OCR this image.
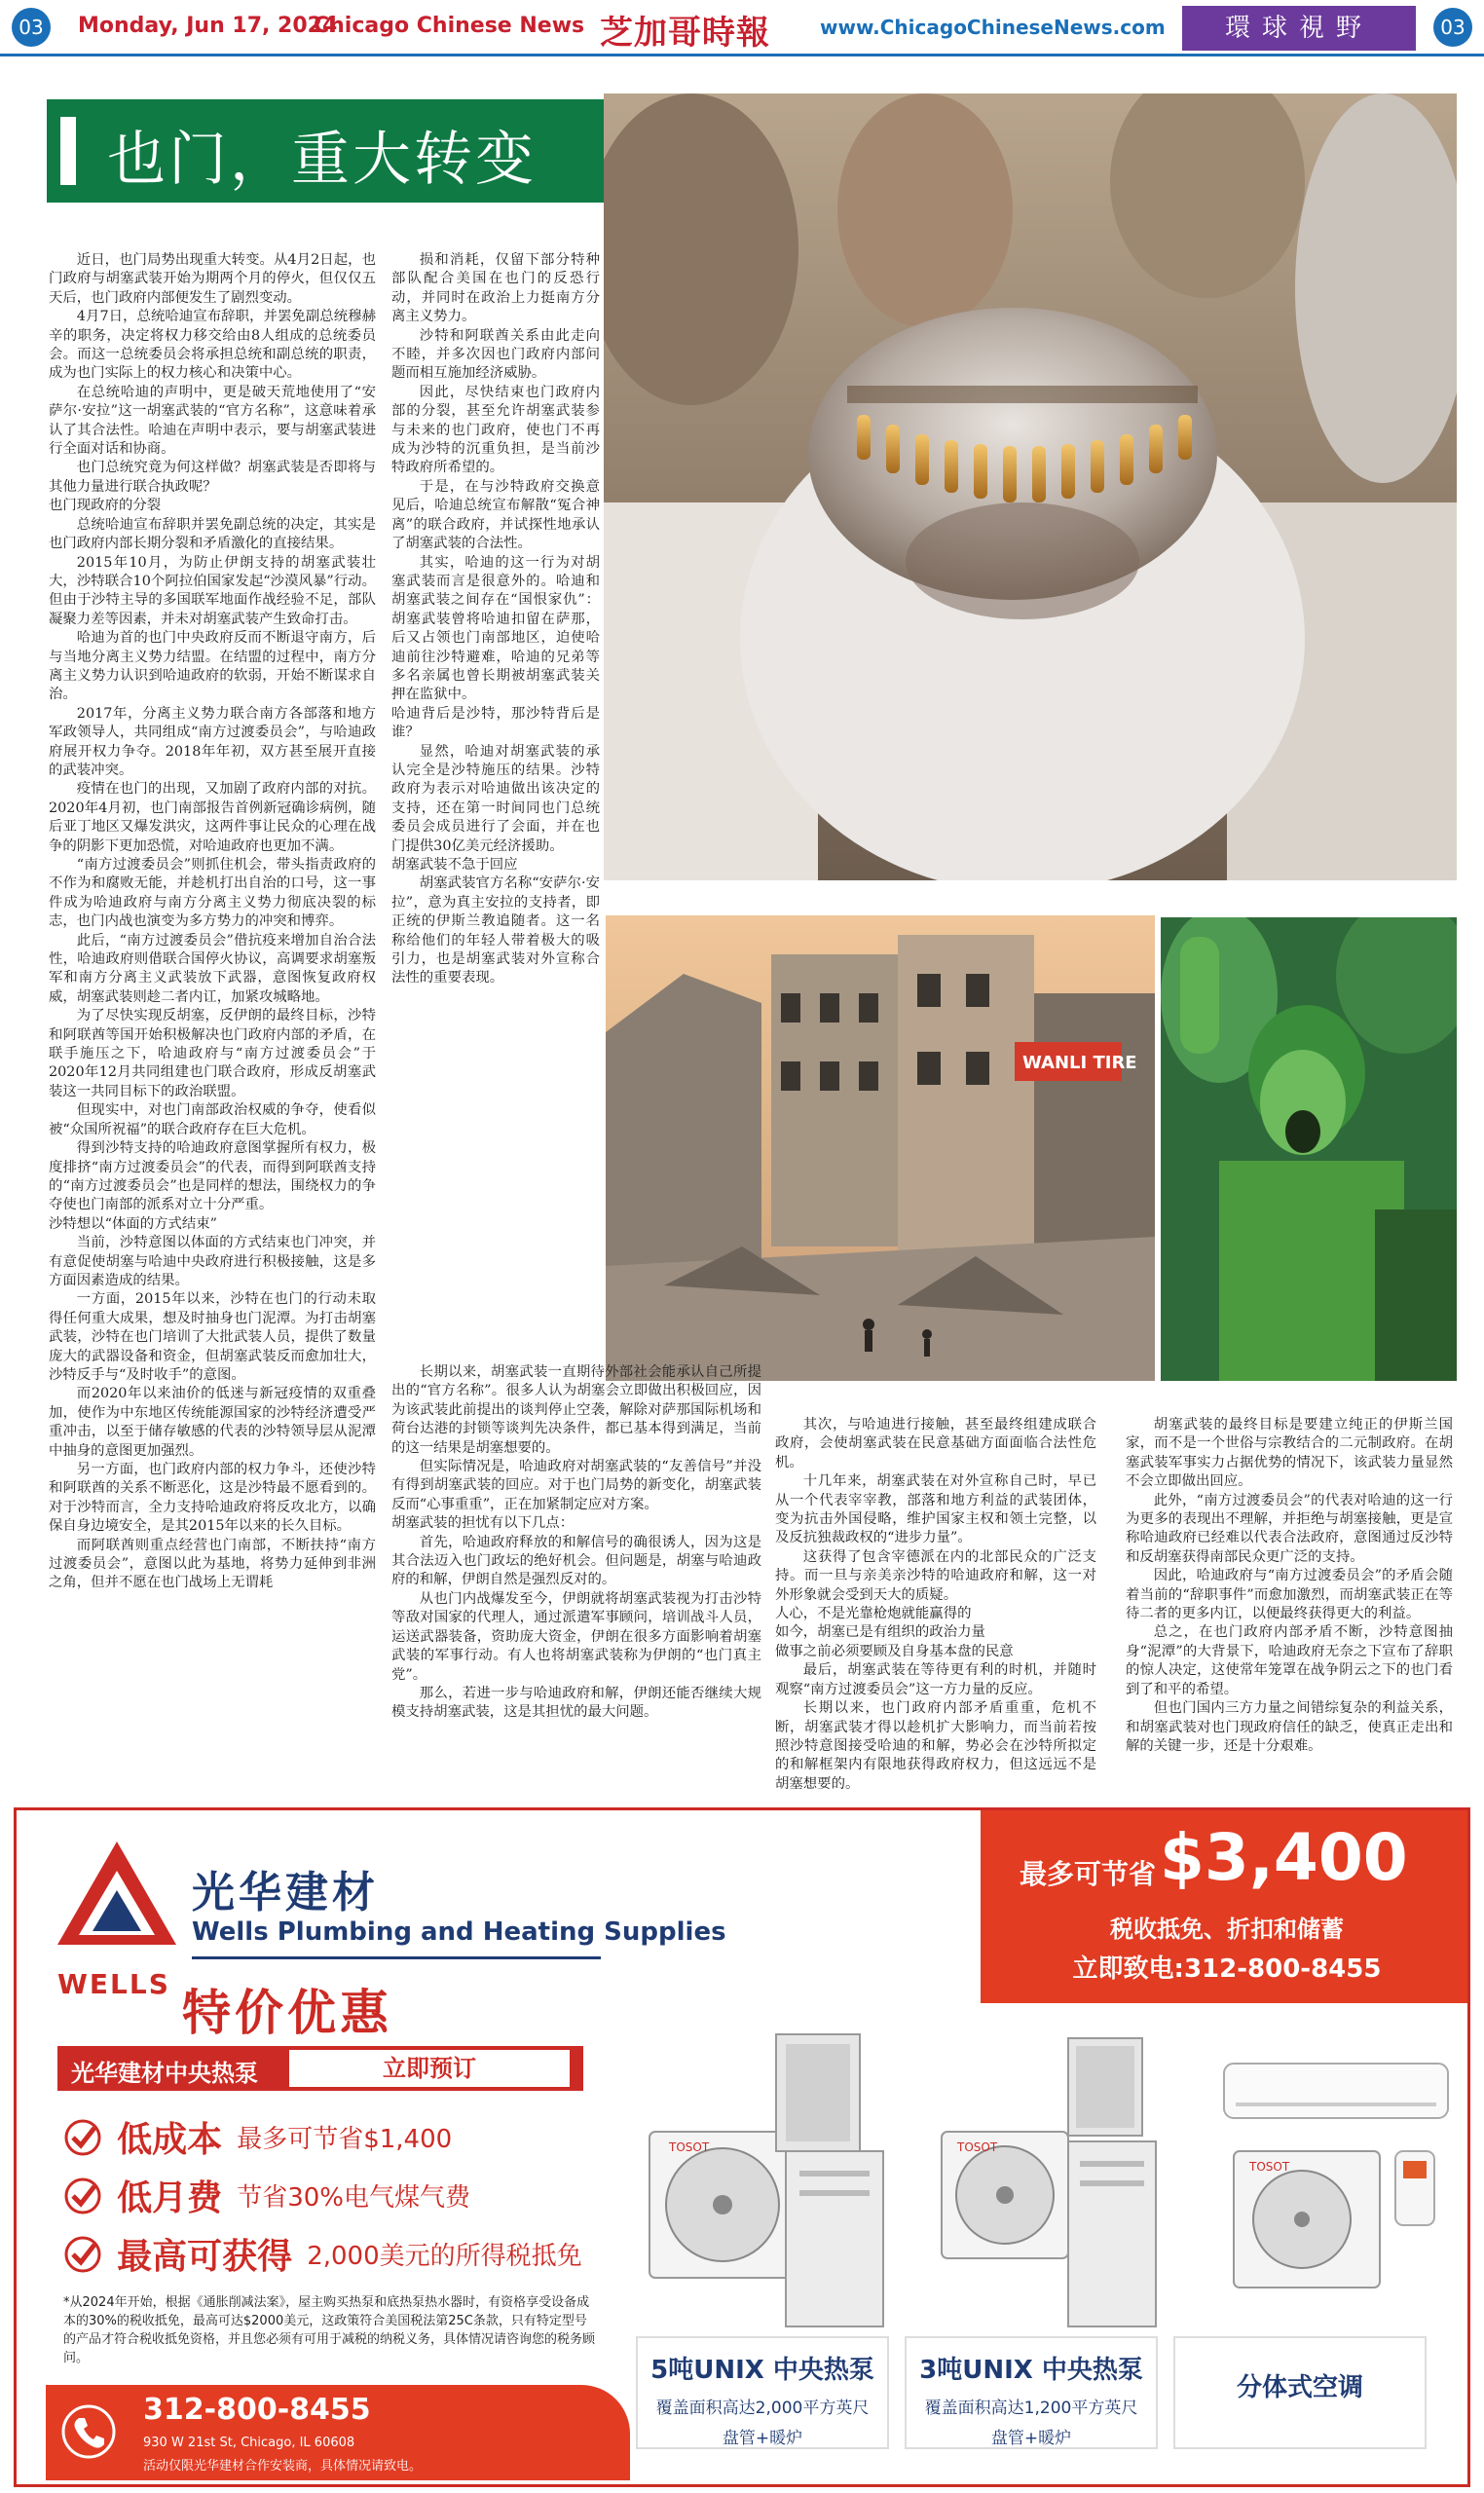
03	Monday, Jun 17, 2024
Chicago Chinese News 芝加哥時報	www.ChicagoChineseNews.com	環球視野	03
也门，重大转变
WANLI TIRE

近日，也门局势出现重大转变。从4月2日起，也门政府与胡塞武装开始为期两个月的停火，但仅仅五天后，也门政府内部便发生了剧烈变动。

4月7日，总统哈迪宣布辞职，并罢免副总统穆赫辛的职务，决定将权力移交给由8人组成的总统委员会。而这一总统委员会将承担总统和副总统的职责，成为也门实际上的权力核心和决策中心。

在总统哈迪的声明中，更是破天荒地使用了“安萨尔·安拉”这一胡塞武装的“官方名称”，这意味着承认了其合法性。哈迪在声明中表示，要与胡塞武装进行全面对话和协商。

也门总统究竟为何这样做？胡塞武装是否即将与其他力量进行联合执政呢？

也门现政府的分裂

总统哈迪宣布辞职并罢免副总统的决定，其实是也门政府内部长期分裂和矛盾激化的直接结果。

2015年10月，为防止伊朗支持的胡塞武装壮大，沙特联合10个阿拉伯国家发起“沙漠风暴”行动。但由于沙特主导的多国联军地面作战经验不足，部队凝聚力差等因素，并未对胡塞武装产生致命打击。

哈迪为首的也门中央政府反而不断退守南方，后与当地分离主义势力结盟。在结盟的过程中，南方分离主义势力认识到哈迪政府的软弱，开始不断谋求自治。

2017年，分离主义势力联合南方各部落和地方军政领导人，共同组成“南方过渡委员会”，与哈迪政府展开权力争夺。2018年年初，双方甚至展开直接的武装冲突。

疫情在也门的出现，又加剧了政府内部的对抗。2020年4月初，也门南部报告首例新冠确诊病例，随后亚丁地区又爆发洪灾，这两件事让民众的心理在战争的阴影下更加恐慌，对哈迪政府也更加不满。

“南方过渡委员会”则抓住机会，带头指责政府的不作为和腐败无能，并趁机打出自治的口号，这一事件成为哈迪政府与南方分离主义势力彻底决裂的标志，也门内战也演变为多方势力的冲突和博弈。

此后，“南方过渡委员会”借抗疫来增加自治合法性，哈迪政府则借联合国停火协议，高调要求胡塞叛军和南方分离主义武装放下武器，意图恢复政府权威，胡塞武装则趁二者内讧，加紧攻城略地。

为了尽快实现反胡塞，反伊朗的最终目标，沙特和阿联酋等国开始积极解决也门政府内部的矛盾，在联手施压之下，哈迪政府与“南方过渡委员会”于2020年12月共同组建也门联合政府，形成反胡塞武装这一共同目标下的政治联盟。

但现实中，对也门南部政治权威的争夺，使看似被“众国所祝福”的联合政府存在巨大危机。

得到沙特支持的哈迪政府意图掌握所有权力，极度排挤“南方过渡委员会”的代表，而得到阿联酋支持的“南方过渡委员会”也是同样的想法，围绕权力的争夺使也门南部的派系对立十分严重。

沙特想以“体面的方式结束”

当前，沙特意图以体面的方式结束也门冲突，并有意促使胡塞与哈迪中央政府进行积极接触，这是多方面因素造成的结果。

一方面，2015年以来，沙特在也门的行动未取得任何重大成果，想及时抽身也门泥潭。为打击胡塞武装，沙特在也门培训了大批武装人员，提供了数量庞大的武器设备和资金，但胡塞武装反而愈加壮大，沙特反手与“及时收手”的意图。

而2020年以来油价的低迷与新冠疫情的双重叠加，使作为中东地区传统能源国家的沙特经济遭受严重冲击，以至于储存敏感的代表的沙特领导层从泥潭中抽身的意图更加强烈。

另一方面，也门政府内部的权力争斗，还使沙特和阿联酋的关系不断恶化，这是沙特最不愿看到的。对于沙特而言，全力支持哈迪政府将反攻北方，以确保自身边境安全，是其2015年以来的长久目标。

而阿联酋则重点经营也门南部，不断扶持“南方过渡委员会”，意图以此为基地，将势力延伸到非洲之角，但并不愿在也门战场上无谓耗

损和消耗，仅留下部分特种部队配合美国在也门的反恐行动，并同时在政治上力挺南方分离主义势力。

沙特和阿联酋关系由此走向不睦，并多次因也门政府内部问题而相互施加经济威胁。

因此，尽快结束也门政府内部的分裂，甚至允许胡塞武装参与未来的也门政府，使也门不再成为沙特的沉重负担，是当前沙特政府所希望的。

于是，在与沙特政府交换意见后，哈迪总统宣布解散“冤合神离”的联合政府，并试探性地承认了胡塞武装的合法性。

其实，哈迪的这一行为对胡塞武装而言是很意外的。哈迪和胡塞武装之间存在“国恨家仇”：胡塞武装曾将哈迪扣留在萨那，后又占领也门南部地区，迫使哈迪前往沙特避难，哈迪的兄弟等多名亲属也曾长期被胡塞武装关押在监狱中。

哈迪背后是沙特，那沙特背后是谁？

显然，哈迪对胡塞武装的承认完全是沙特施压的结果。沙特政府为表示对哈迪做出该决定的支持，还在第一时间同也门总统委员会成员进行了会面，并在也门提供30亿美元经济援助。

胡塞武装不急于回应

胡塞武装官方名称“安萨尔·安拉”，意为真主安拉的支持者，即正统的伊斯兰教追随者。这一名称给他们的年轻人带着极大的吸引力，也是胡塞武装对外宣称合法性的重要表现。

长期以来，胡塞武装一直期待外部社会能承认自己所提出的“官方名称”。很多人认为胡塞会立即做出积极回应，因为该武装此前提出的谈判停止空袭，解除对萨那国际机场和荷台达港的封锁等谈判先决条件，都已基本得到满足，当前的这一结果是胡塞想要的。

但实际情况是，哈迪政府对胡塞武装的“友善信号”并没有得到胡塞武装的回应。对于也门局势的新变化，胡塞武装反而“心事重重”，正在加紧制定应对方案。

胡塞武装的担忧有以下几点：

首先，哈迪政府释放的和解信号的确很诱人，因为这是其合法迈入也门政坛的绝好机会。但问题是，胡塞与哈迪政府的和解，伊朗自然是强烈反对的。

从也门内战爆发至今，伊朗就将胡塞武装视为打击沙特等敌对国家的代理人，通过派遣军事顾问，培训战斗人员，运送武器装备，资助庞大资金，伊朗在很多方面影响着胡塞武装的军事行动。有人也将胡塞武装称为伊朗的“也门真主党”。

那么，若进一步与哈迪政府和解，伊朗还能否继续大规模支持胡塞武装，这是其担忧的最大问题。

其次，与哈迪进行接触，甚至最终组建成联合政府，会使胡塞武装在民意基础方面面临合法性危机。

十几年来，胡塞武装在对外宣称自己时，早已从一个代表宰宰教，部落和地方利益的武装团体，变为抗击外国侵略，维护国家主权和领土完整，以及反抗独裁政权的“进步力量”。

这获得了包含宰德派在内的北部民众的广泛支持。而一旦与亲美亲沙特的哈迪政府和解，这一对外形象就会受到天大的质疑。

人心，不是光靠枪炮就能赢得的
如今，胡塞已是有组织的政治力量
做事之前必须要顾及自身基本盘的民意

最后，胡塞武装在等待更有利的时机，并随时观察“南方过渡委员会”这一方力量的反应。

长期以来，也门政府内部矛盾重重，危机不断，胡塞武装才得以趁机扩大影响力，而当前若按照沙特意图接受哈迪的和解，势必会在沙特所拟定的和解框架内有限地获得政府权力，但这远远不是胡塞想要的。

胡塞武装的最终目标是要建立纯正的伊斯兰国家，而不是一个世俗与宗教结合的二元制政府。在胡塞武装军事实力占据优势的情况下，该武装力量显然不会立即做出回应。

此外，“南方过渡委员会”的代表对哈迪的这一行为更多的表现出不理解，并拒绝与胡塞接触，更是宣称哈迪政府已经难以代表合法政府，意图通过反沙特和反胡塞获得南部民众更广泛的支持。

因此，哈迪政府与“南方过渡委员会”的矛盾会随着当前的“辞职事件”而愈加激烈，而胡塞武装正在等待二者的更多内讧，以便最终获得更大的利益。

总之，在也门政府内部矛盾不断，沙特意图抽身“泥潭”的大背景下，哈迪政府无奈之下宣布了辞职的惊人决定，这使常年笼罩在战争阴云之下的也门看到了和平的希望。

但也门国内三方力量之间错综复杂的利益关系，和胡塞武装对也门现政府信任的缺乏，使真正走出和解的关键一步，还是十分艰难。

WELLS
光华建材
Wells Plumbing and Heating Supplies
最多可节省 $3,400
税收抵免、折扣和储蓄
立即致电:312-800-8455
特价优惠
光华建材中央热泵	立即预订
低成本 最多可节省$1,400
低月费 节省30%电气煤气费
最高可获得 2,000美元的所得税抵免
*从2024年开始，根据《通胀削减法案》，屋主购买热泵和底热泵热水器时，有资格享受设备成本的30%的税收抵免，最高可达$2000美元，这政策符合美国税法第25C条款，只有特定型号的产品才符合税收抵免资格，并且您必须有可用于减税的纳税义务，具体情况请咨询您的税务顾问。
312-800-8455
930 W 21st St, Chicago, IL 60608
活动仅限光华建材合作安装商，具体情况请致电。
TOSOT	TOSOT
TOSOT
5吨UNIX 中央热泵
覆盖面积高达2,000平方英尺
盘管+暖炉
3吨UNIX 中央热泵
覆盖面积高达1,200平方英尺
盘管+暖炉
分体式空调
